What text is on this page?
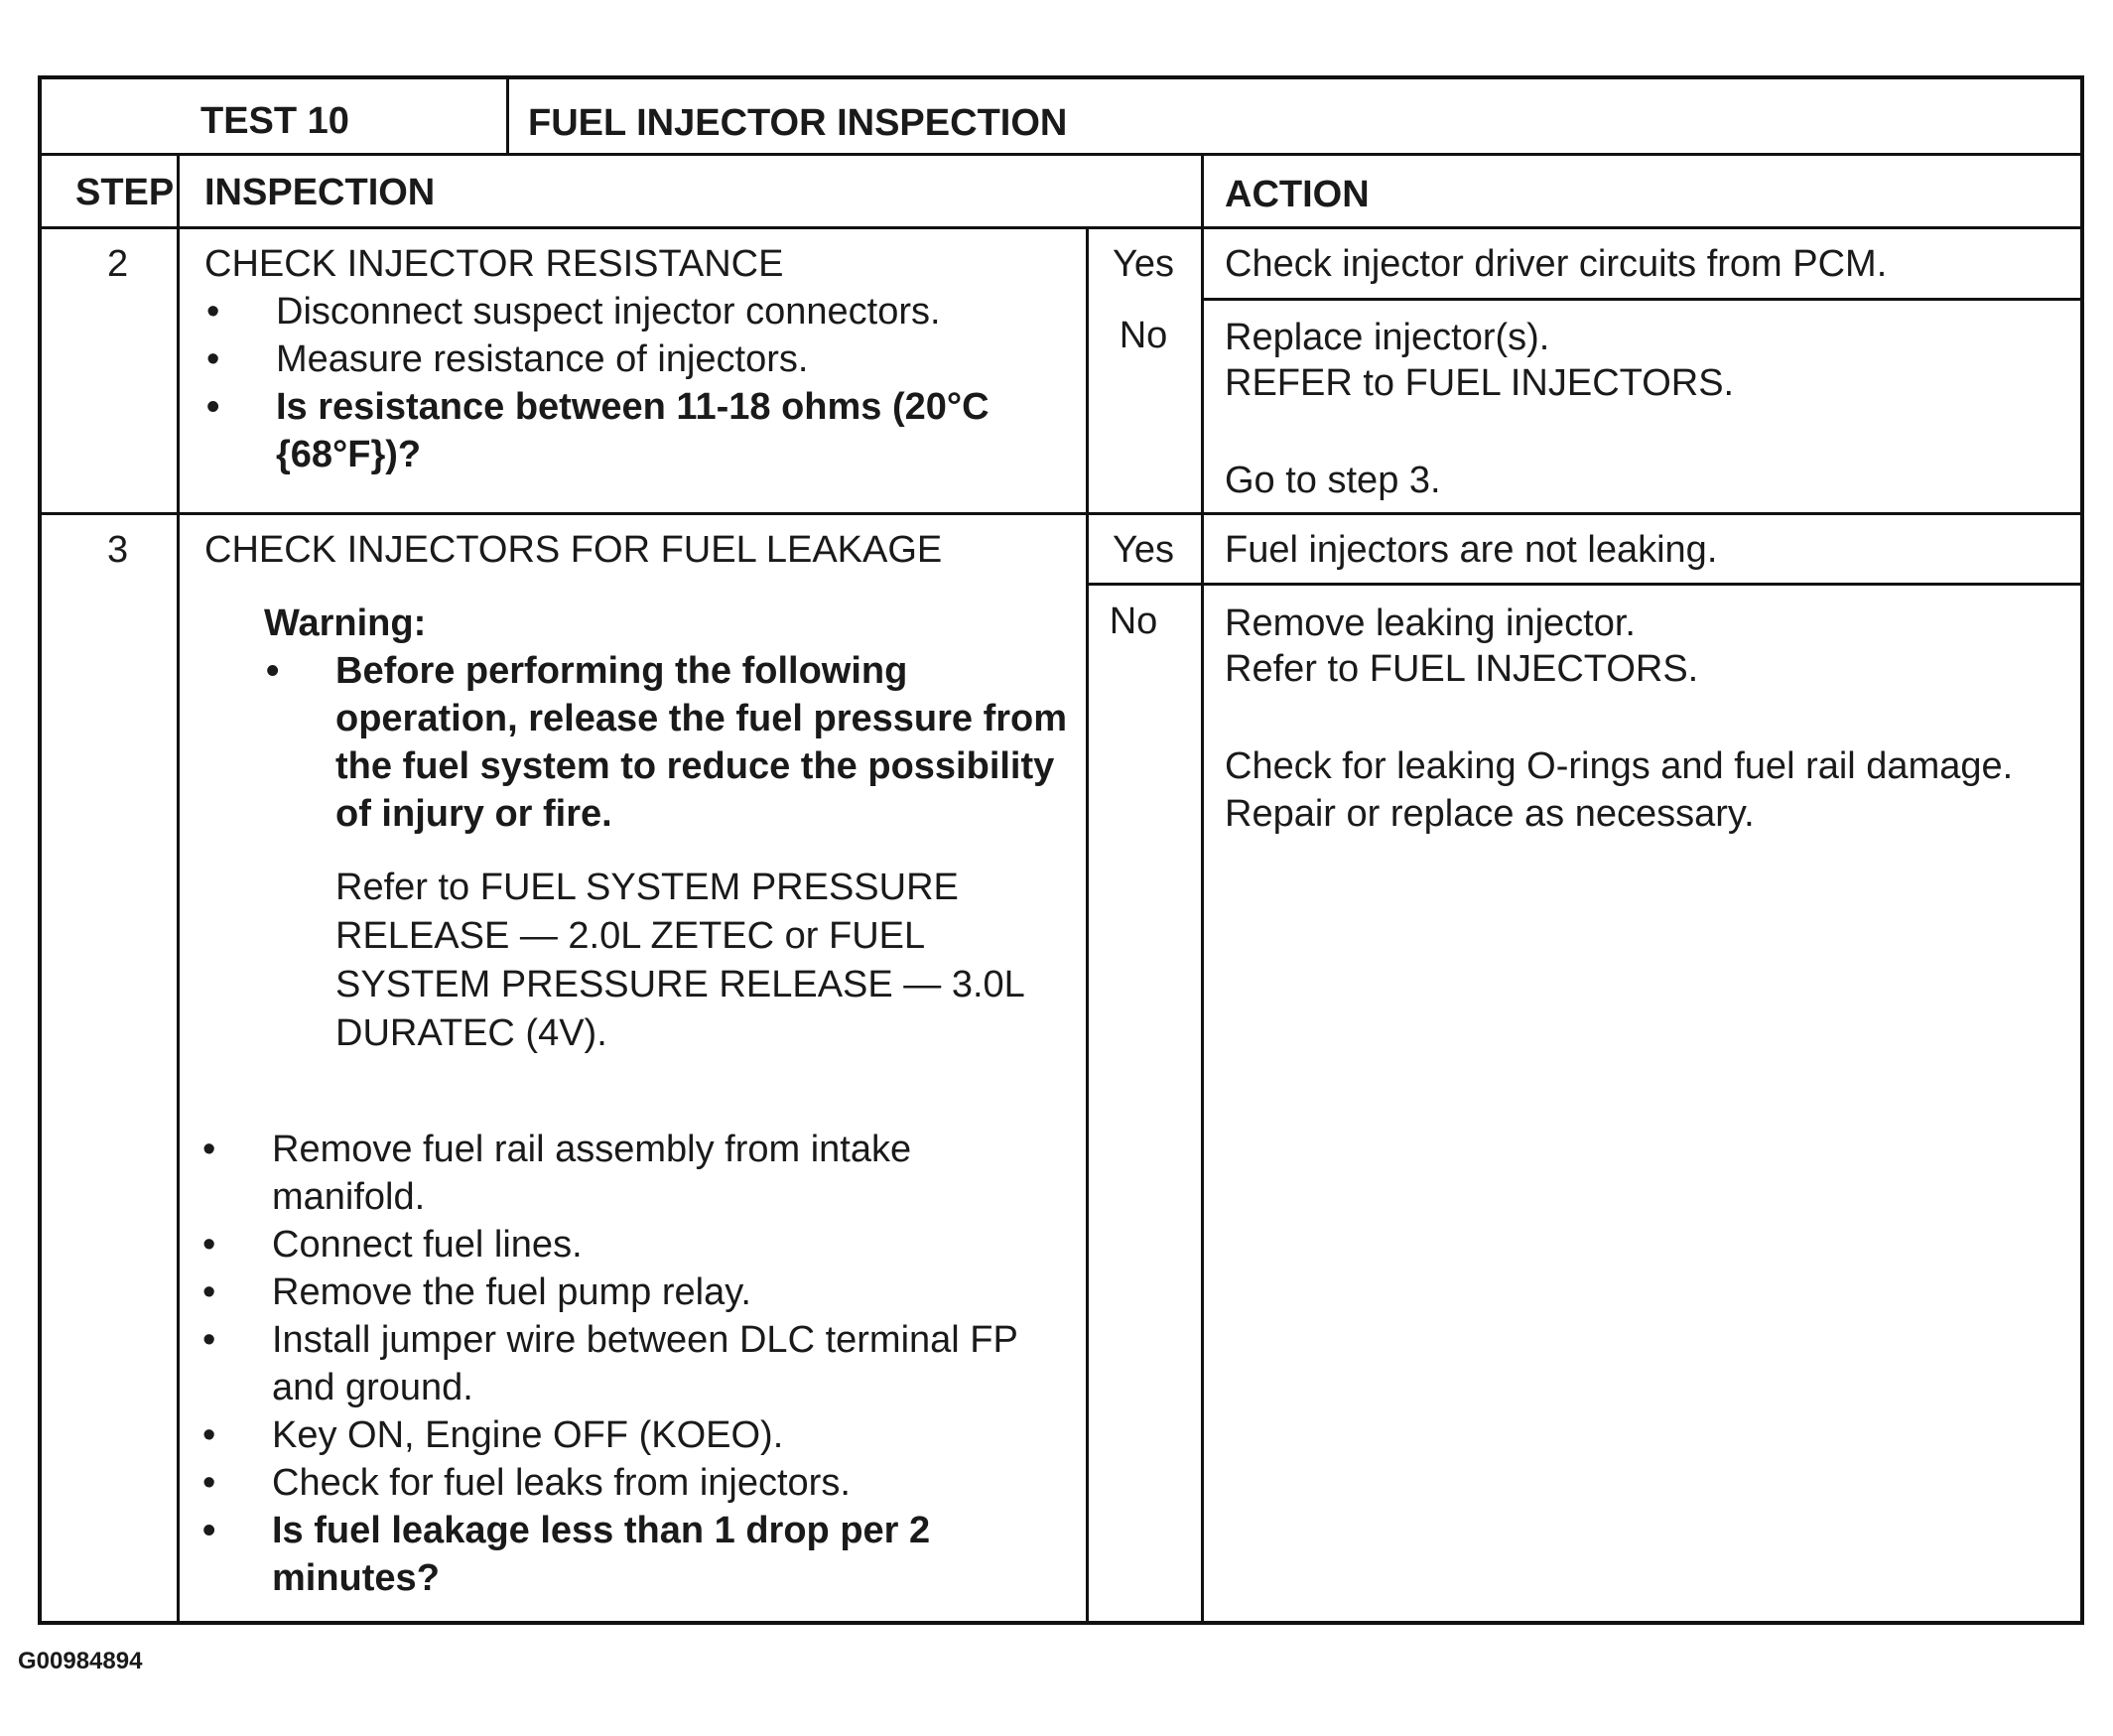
TEST 10	FUEL INJECTOR INSPECTION
STEP INSPECTION	ACTION
2 CHECK INJECTOR RESISTANCE
• Disconnect suspect injector connectors.
• Measure resistance of injectors.
• Is resistance between 11-18 ohms (20°C {68°F})?
Yes	Check injector driver circuits from PCM.
No	Replace injector(s).
REFER to FUEL INJECTORS.
Go to step 3.
3 CHECK INJECTORS FOR FUEL LEAKAGE
Warning:
• Before performing the following operation, release the fuel pressure from the fuel system to reduce the possibility of injury or fire.
Refer to FUEL SYSTEM PRESSURE RELEASE — 2.0L ZETEC or FUEL SYSTEM PRESSURE RELEASE — 3.0L DURATEC (4V).
• Remove fuel rail assembly from intake manifold.
• Connect fuel lines.
• Remove the fuel pump relay.
• Install jumper wire between DLC terminal FP and ground.
• Key ON, Engine OFF (KOEO).
• Check for fuel leaks from injectors.
• Is fuel leakage less than 1 drop per 2 minutes?
Yes	Fuel injectors are not leaking.
No	Remove leaking injector.
Refer to FUEL INJECTORS.
Check for leaking O-rings and fuel rail damage.
Repair or replace as necessary.
G00984894
